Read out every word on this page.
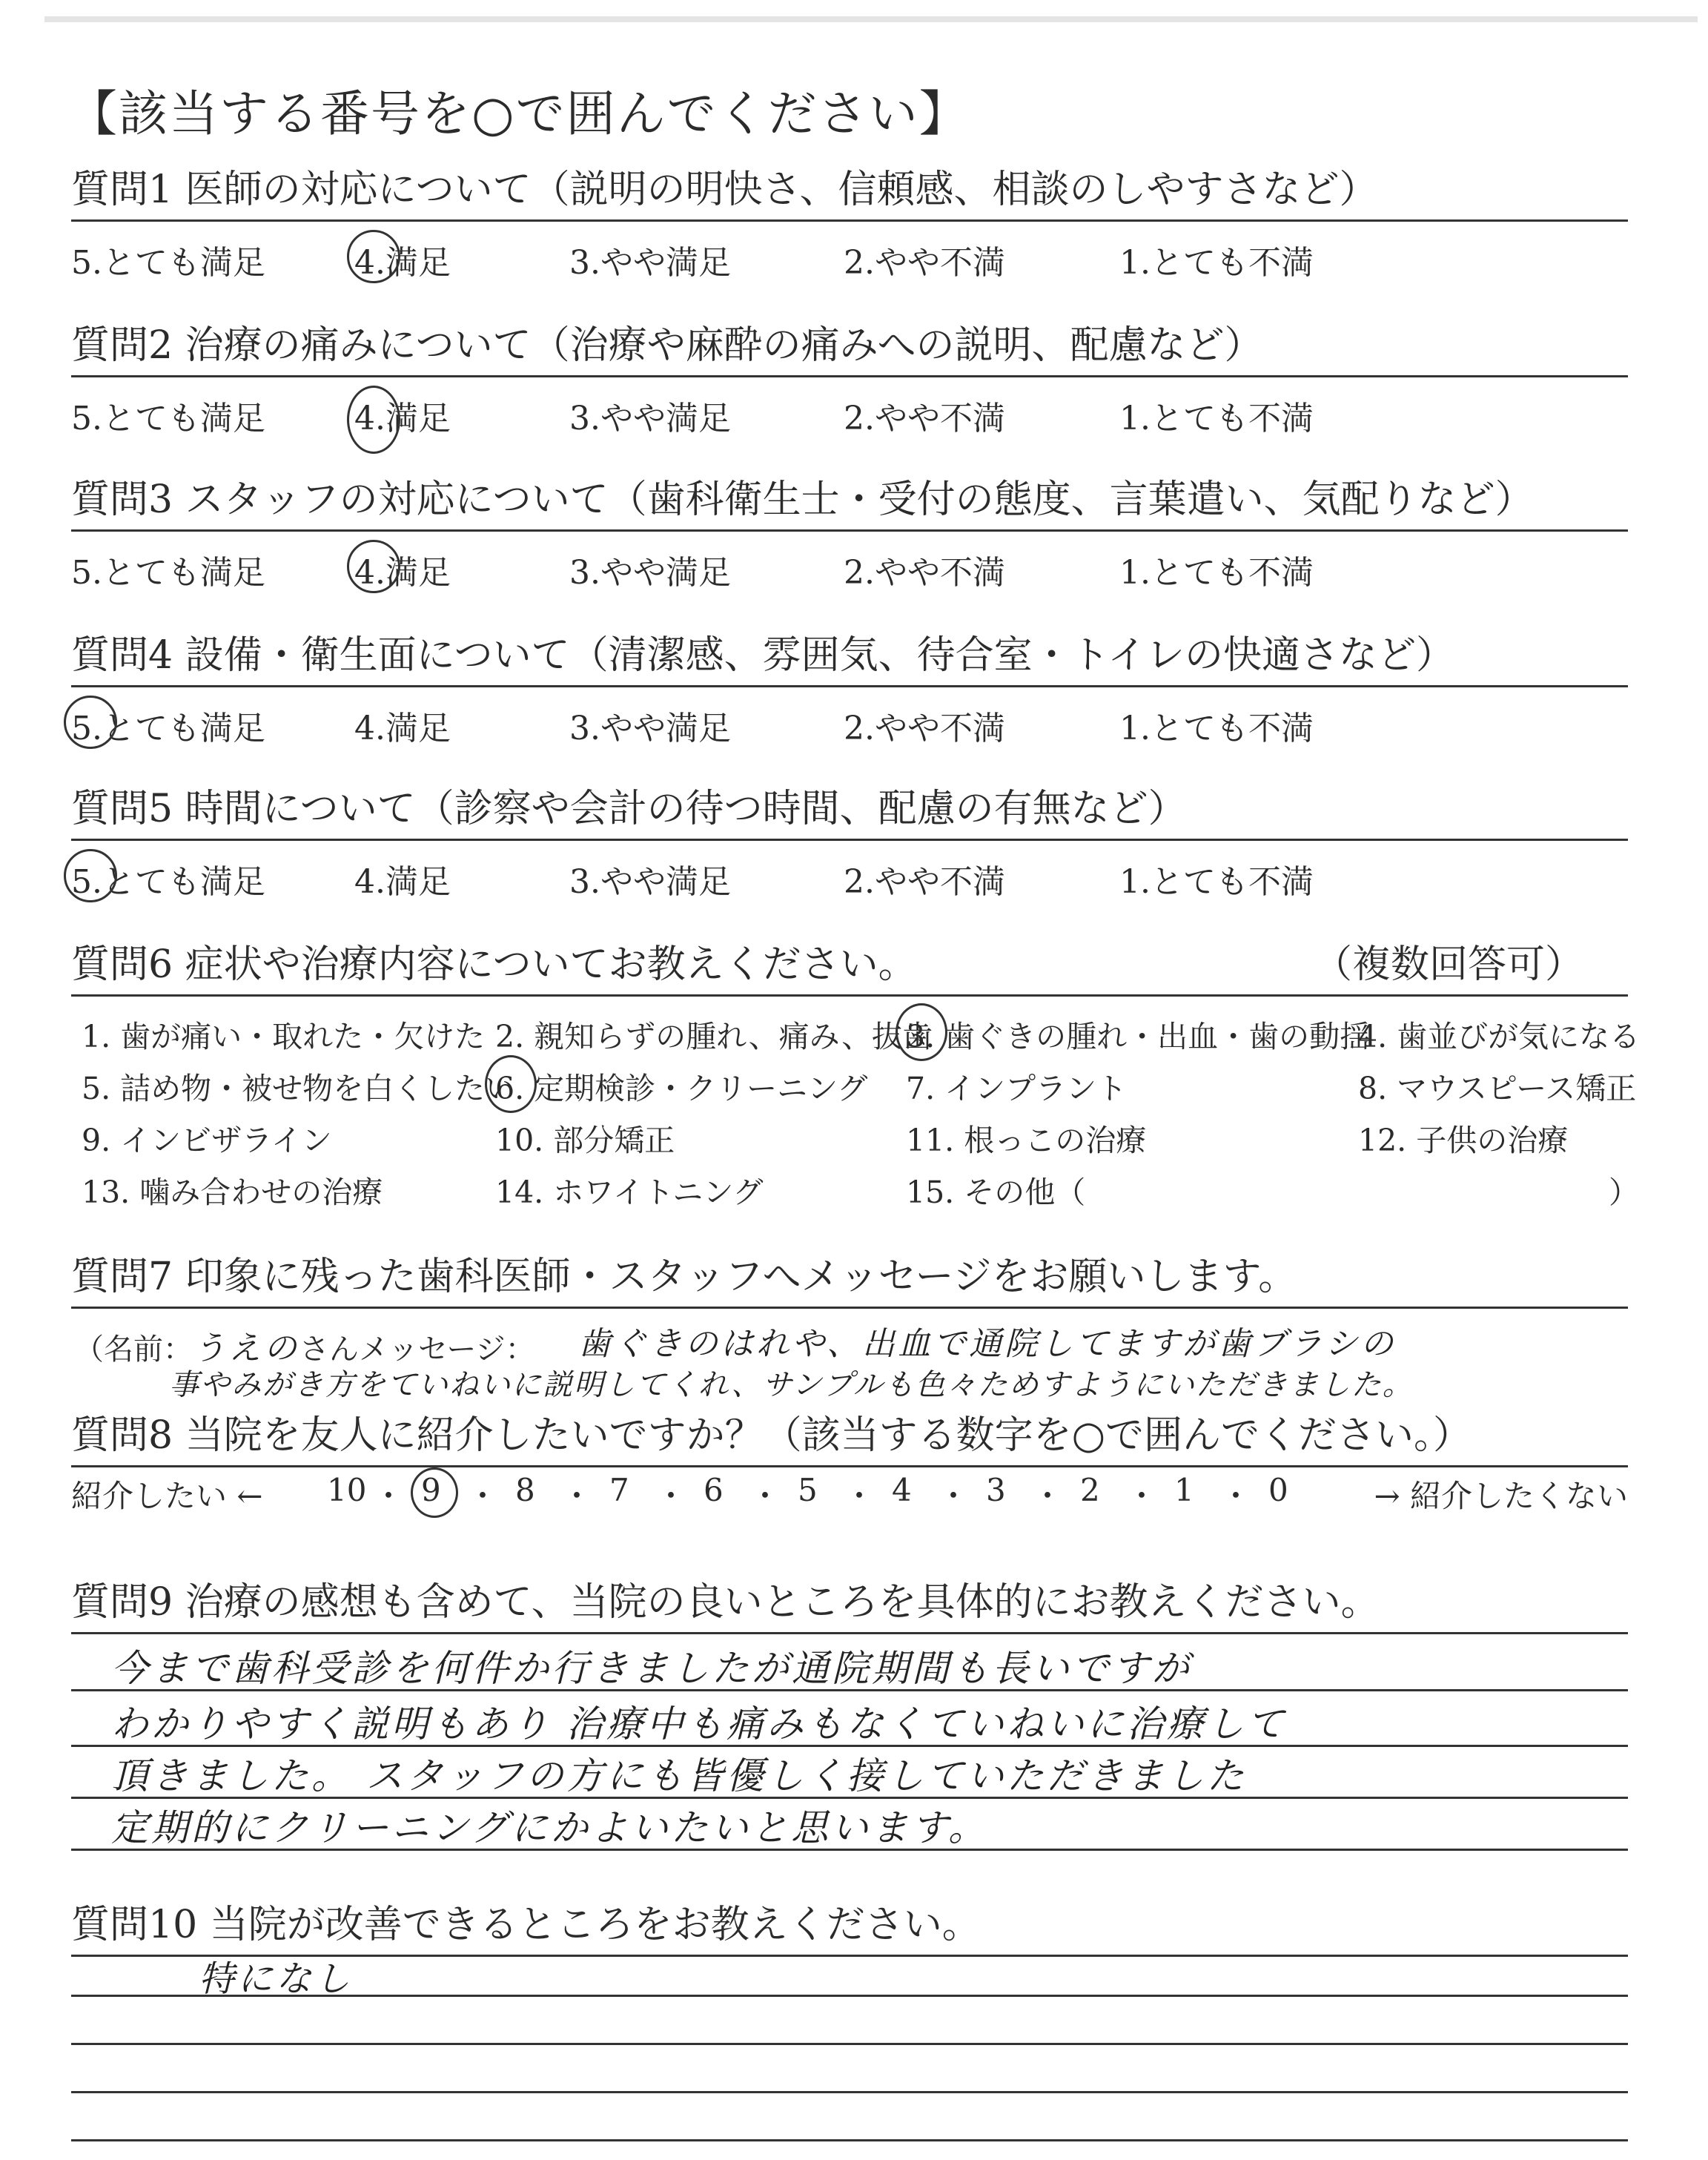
【該当する番号を○で囲んでください】
質問1 医師の対応について（説明の明快さ、信頼感、相談のしやすさなど）
5.とても満足	4.満足	3.やや満足	2.やや不満	1.とても不満
質問2 治療の痛みについて（治療や麻酔の痛みへの説明、配慮など）
5.とても満足	4.満足	3.やや満足	2.やや不満	1.とても不満
質問3 スタッフの対応について（歯科衛生士・受付の態度、言葉遣い、気配りなど）
5.とても満足	4.満足	3.やや満足	2.やや不満	1.とても不満
質問4 設備・衛生面について（清潔感、雰囲気、待合室・トイレの快適さなど）
5.とても満足	4.満足	3.やや満足	2.やや不満	1.とても不満
質問5 時間について（診察や会計の待つ時間、配慮の有無など）
5.とても満足	4.満足	3.やや満足	2.やや不満	1.とても不満
質問6 症状や治療内容についてお教えください。	（複数回答可）
1. 歯が痛い・取れた・欠けた 2. 親知らずの腫れ、痛み、抜歯
3. 歯ぐきの腫れ・出血・歯の動揺
4. 歯並びが気になる
5. 詰め物・被せ物を白くしたい
6. 定期検診・クリーニング 7. インプラント	8. マウスピース矯正
9. インビザライン	10. 部分矯正	11. 根っこの治療	12. 子供の治療
13. 噛み合わせの治療	14. ホワイトニング	15. その他（	）
質問7 印象に残った歯科医師・スタッフへメッセージをお願いします。
（名前：うえのさんメッセージ： 歯ぐきのはれや、出血で通院してますが歯ブラシの
事やみがき方をていねいに説明してくれ、サンプルも色々ためすようにいただきました。
質問8 当院を友人に紹介したいですか？（該当する数字を○で囲んでください。）
紹介したい ←	→ 紹介したくない
10 ・ 9 ・ 8 ・ 7 ・ 6 ・ 5 ・ 4 ・ 3 ・ 2 ・ 1 ・ 0
質問9 治療の感想も含めて、当院の良いところを具体的にお教えください。
今まで歯科受診を何件か行きましたが通院期間も長いですが
わかりやすく説明もあり 治療中も痛みもなくていねいに治療して
頂きました。 スタッフの方にも皆優しく接していただきました
定期的にクリーニングにかよいたいと思います。
質問10 当院が改善できるところをお教えください。
特になし
